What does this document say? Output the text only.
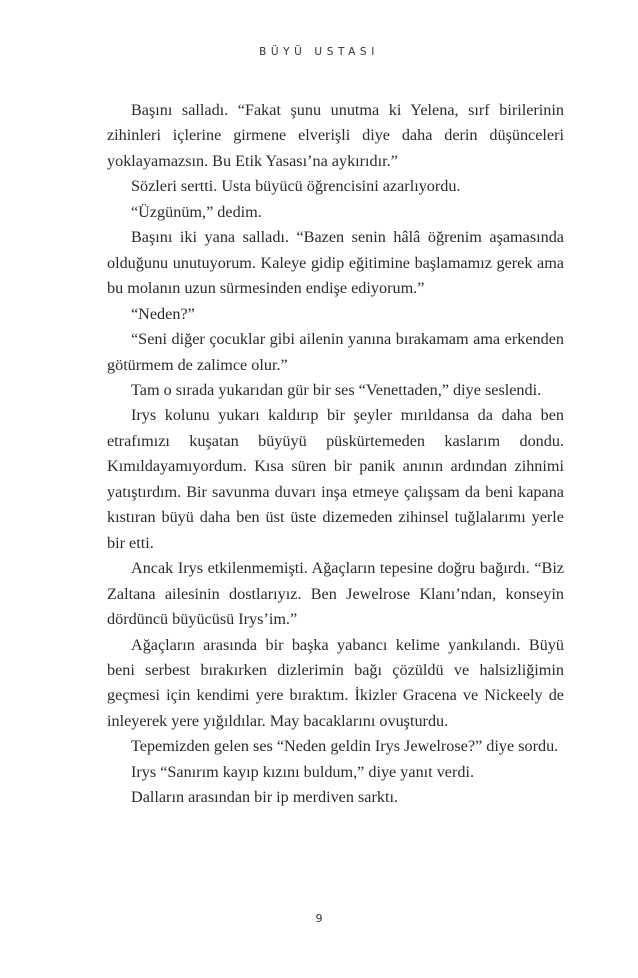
BÜYÜ USTASI

Başını salladı. “Fakat şunu unutma ki Yelena, sırf birilerinin zihinleri içlerine girmene elverişli diye daha derin düşünceleri yoklayamazsın. Bu Etik Yasası’na aykırıdır.”

Sözleri sertti. Usta büyücü öğrencisini azarlıyordu.

“Üzgünüm,” dedim.

Başını iki yana salladı. “Bazen senin hâlâ öğrenim aşamasında olduğunu unutuyorum. Kaleye gidip eğitimine başlamamız gerek ama bu molanın uzun sürmesinden endişe ediyorum.”

“Neden?”

“Seni diğer çocuklar gibi ailenin yanına bırakamam ama erkenden götürmem de zalimce olur.”

Tam o sırada yukarıdan gür bir ses “Venettaden,” diye seslendi.

Irys kolunu yukarı kaldırıp bir şeyler mırıldansa da daha ben etrafımızı kuşatan büyüyü püskürtemeden kaslarım dondu. Kımıldayamıyordum. Kısa süren bir panik anının ardından zihnimi yatıştırdım. Bir savunma duvarı inşa etmeye çalışsam da beni kapana kıstıran büyü daha ben üst üste dizemeden zihinsel tuğlalarımı yerle bir etti.

Ancak Irys etkilenmemişti. Ağaçların tepesine doğru bağırdı. “Biz Zaltana ailesinin dostlarıyız. Ben Jewelrose Klanı’ndan, konseyin dördüncü büyücüsü Irys’im.”

Ağaçların arasında bir başka yabancı kelime yankılandı. Büyü beni serbest bırakırken dizlerimin bağı çözüldü ve halsizliğimin geçmesi için kendimi yere bıraktım. İkizler Gracena ve Nickeely de inleyerek yere yığıldılar. May bacaklarını ovuşturdu.

Tepemizden gelen ses “Neden geldin Irys Jewelrose?” diye sordu.

Irys “Sanırım kayıp kızını buldum,” diye yanıt verdi.

Dalların arasından bir ip merdiven sarktı.

9
